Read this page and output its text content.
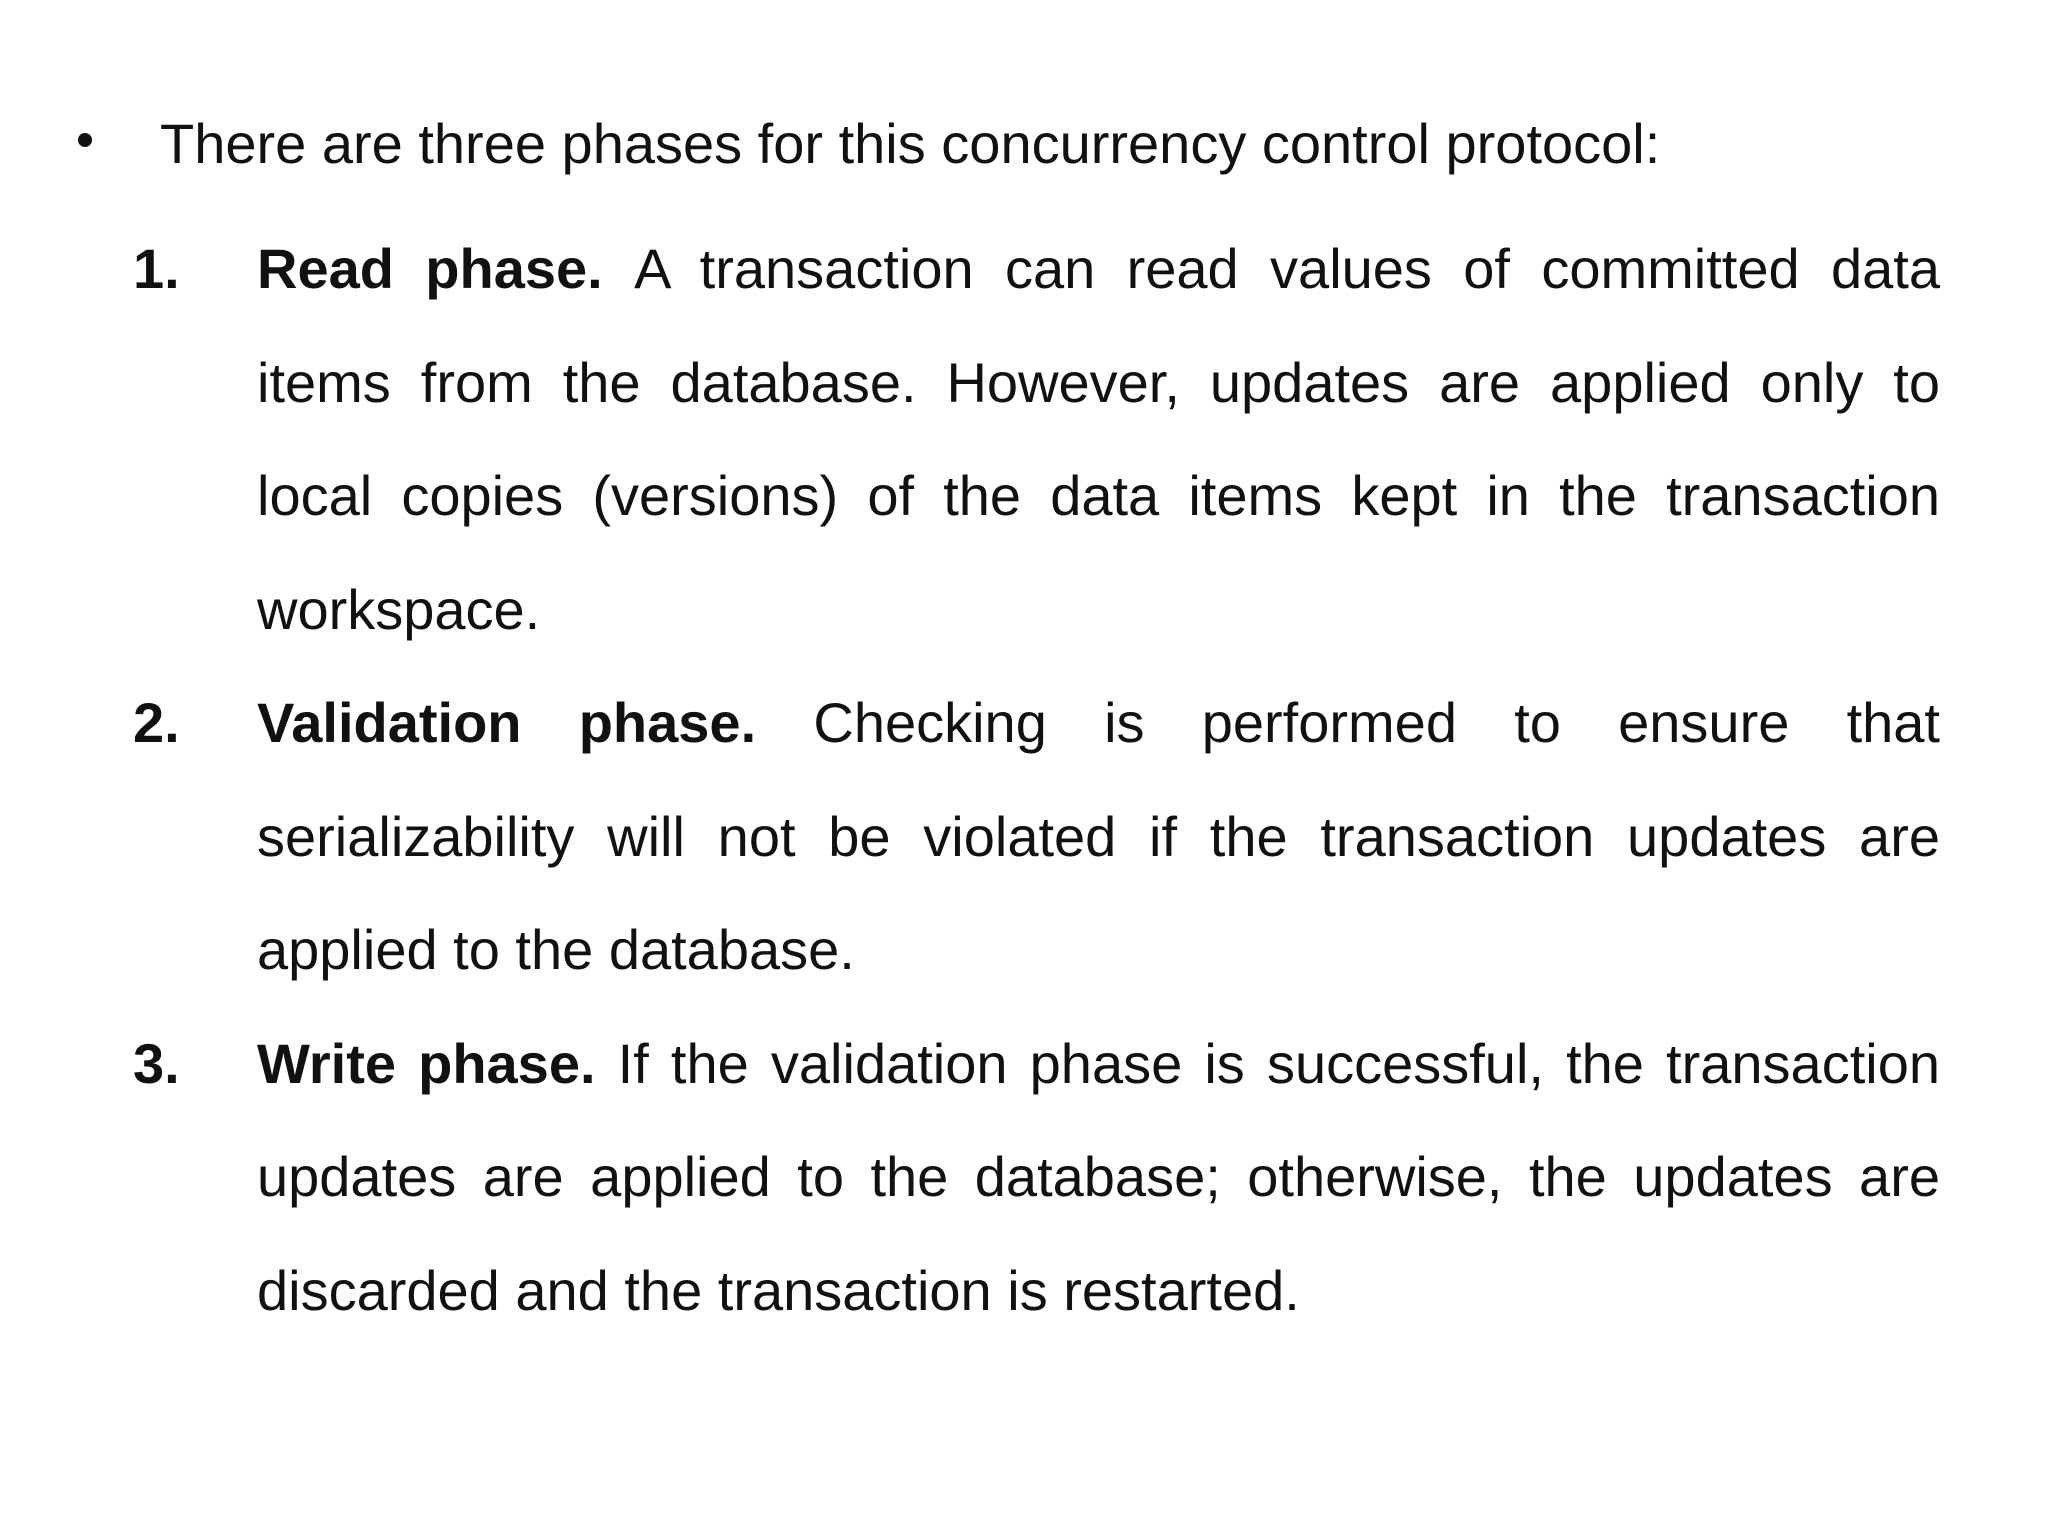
There are three phases for this concurrency control protocol:
1. Read phase. A transaction can read values of committed data items from the database. However, updates are applied only to local copies (versions) of the data items kept in the transaction workspace.
2. Validation phase. Checking is performed to ensure that serializability will not be violated if the transaction updates are applied to the database.
3. Write phase. If the validation phase is successful, the transaction updates are applied to the database; otherwise, the updates are discarded and the transaction is restarted.
